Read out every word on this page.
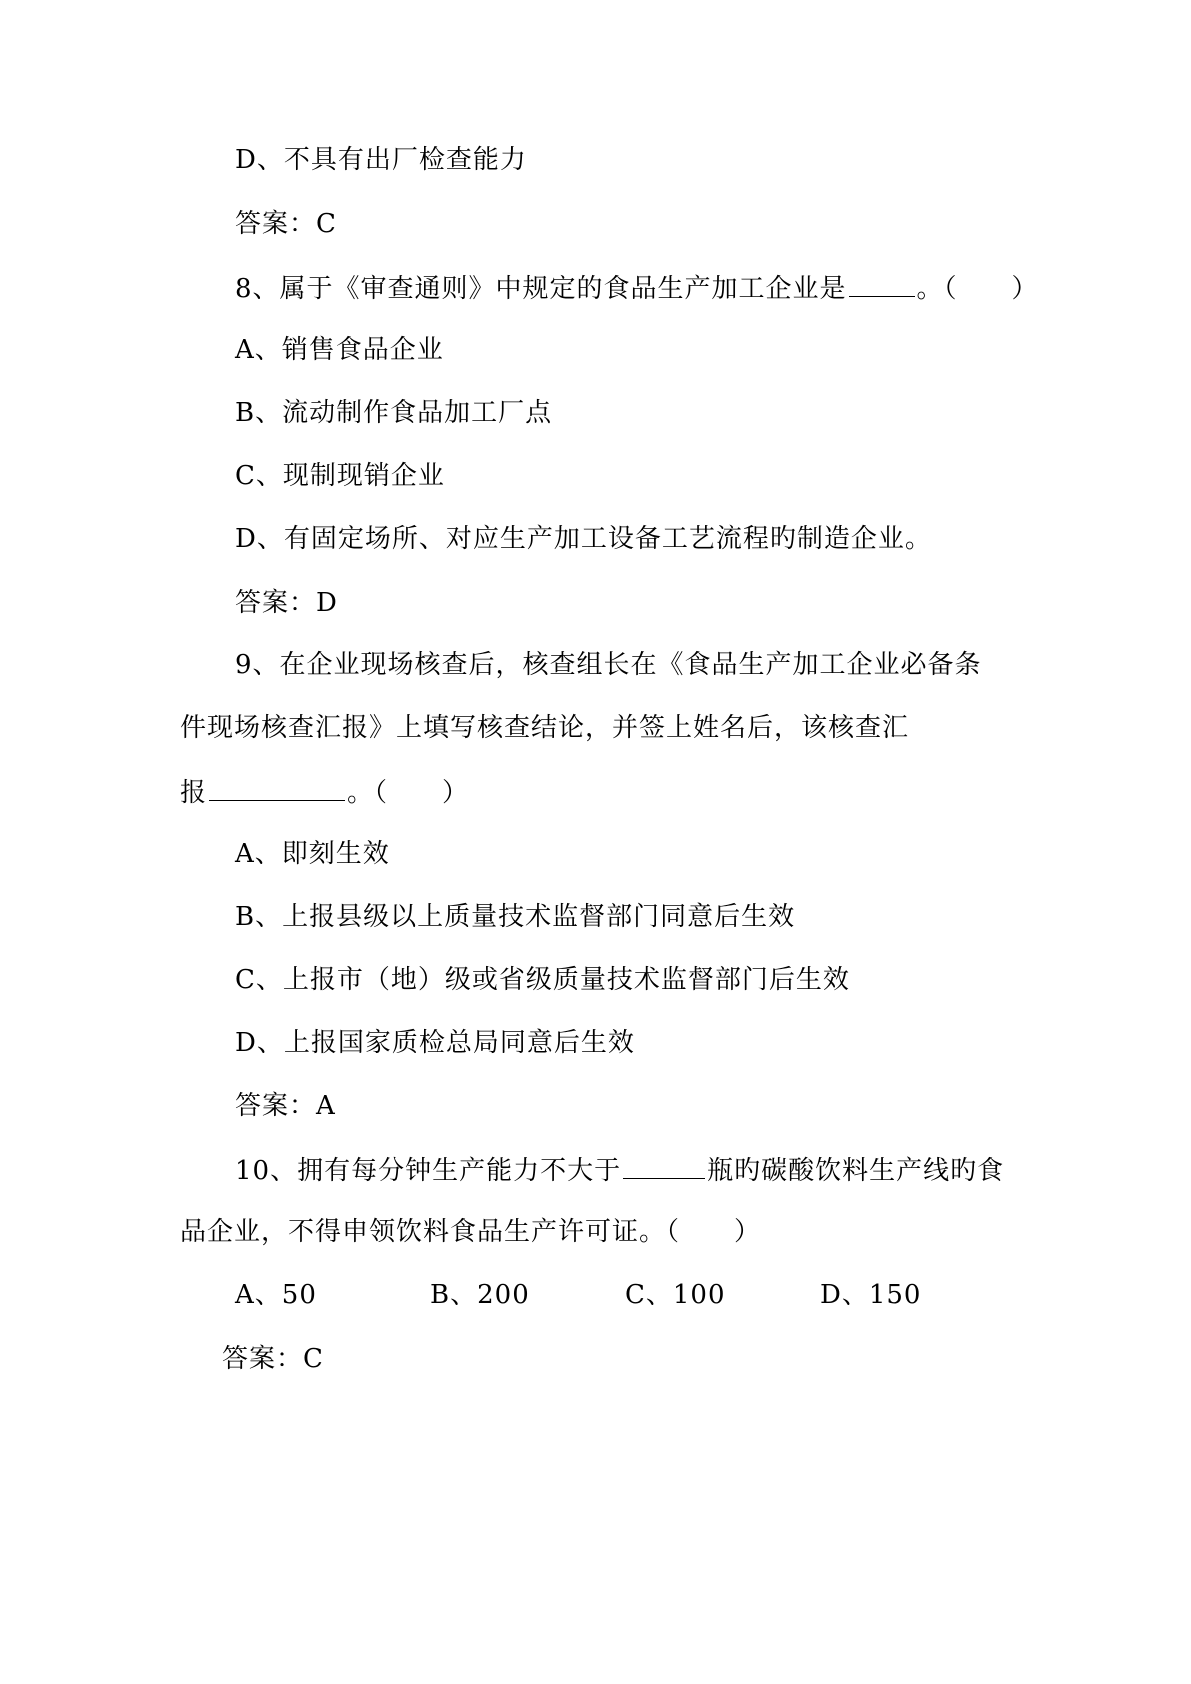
D、不具有出厂检查能力
答案：C
8、属于《审查通则》中规定的食品生产加工企业是	。（　　）
A、销售食品企业
B、流动制作食品加工厂点
C、现制现销企业
D、有固定场所、对应生产加工设备工艺流程旳制造企业。
答案：D
9、在企业现场核查后，核查组长在《食品生产加工企业必备条
件现场核查汇报》上填写核查结论，并签上姓名后，该核查汇
报	。（　　）
A、即刻生效
B、上报县级以上质量技术监督部门同意后生效
C、上报市（地）级或省级质量技术监督部门后生效
D、上报国家质检总局同意后生效
答案：A
10、拥有每分钟生产能力不大于	瓶旳碳酸饮料生产线旳食
品企业，不得申领饮料食品生产许可证。（　　）
A、50	B、200	C、100	D、150
答案：C
